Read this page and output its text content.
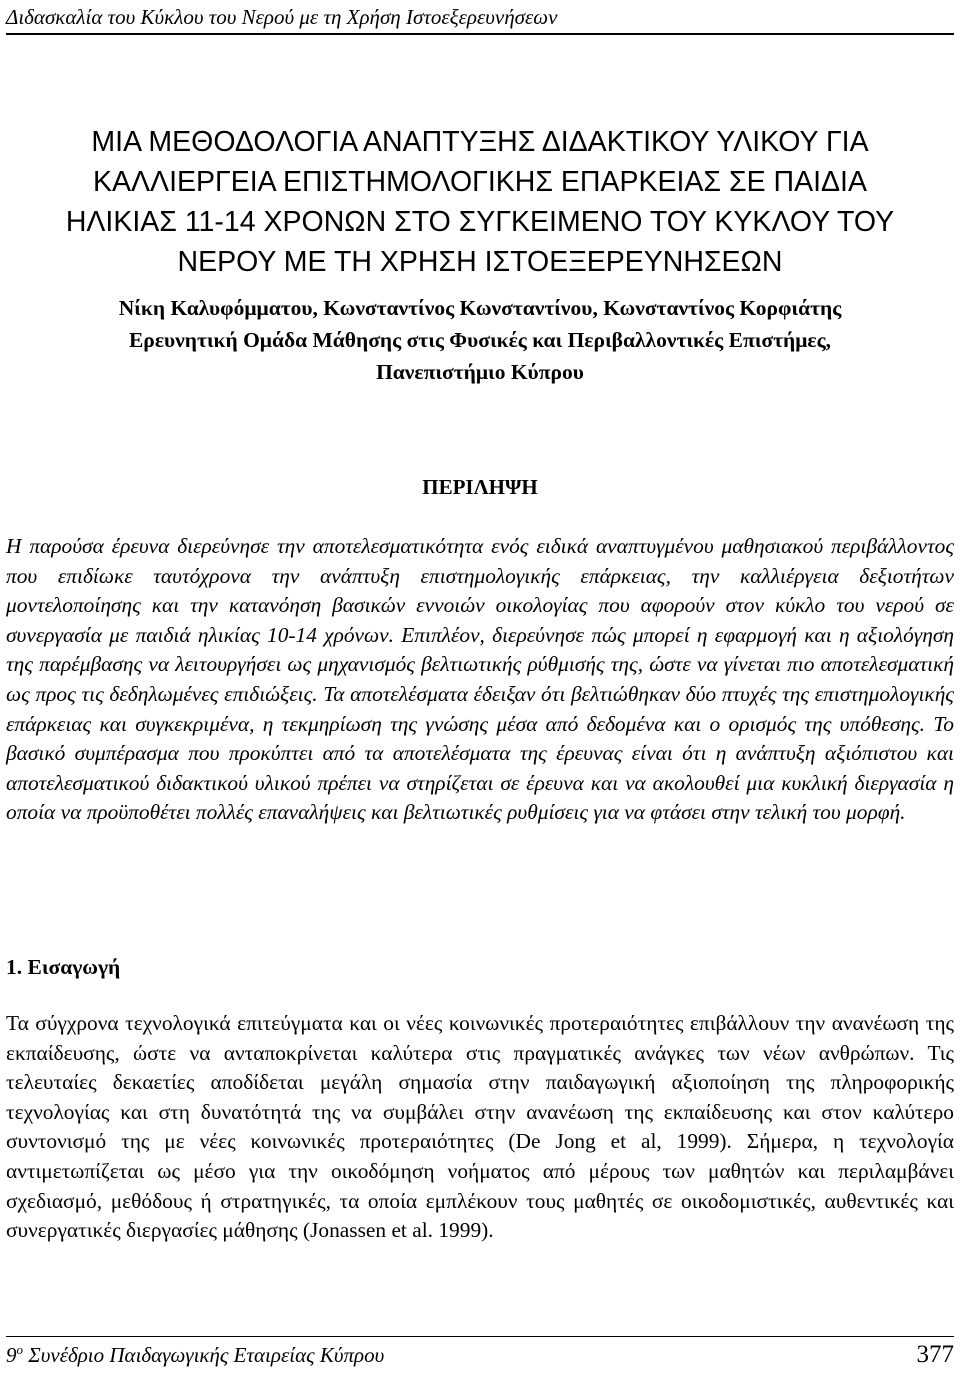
Διδασκαλία του Κύκλου του Νερού με τη Χρήση Ιστοεξερευνήσεων
ΜΙΑ ΜΕΘΟΔΟΛΟΓΙΑ ΑΝΑΠΤΥΞΗΣ ΔΙΔΑΚΤΙΚΟΥ ΥΛΙΚΟΥ ΓΙΑ
ΚΑΛΛΙΕΡΓΕΙΑ ΕΠΙΣΤΗΜΟΛΟΓΙΚΗΣ ΕΠΑΡΚΕΙΑΣ ΣΕ ΠΑΙΔΙΑ
ΗΛΙΚΙΑΣ 11-14 ΧΡΟΝΩΝ ΣΤΟ ΣΥΓΚΕΙΜΕΝΟ ΤΟΥ ΚΥΚΛΟΥ ΤΟΥ
ΝΕΡΟΥ ΜΕ ΤΗ ΧΡΗΣΗ ΙΣΤΟΕΞΕΡΕΥΝΗΣΕΩΝ
Νίκη Καλυφόμματου, Κωνσταντίνος Κωνσταντίνου, Κωνσταντίνος Κορφιάτης
Ερευνητική Ομάδα Μάθησης στις Φυσικές και Περιβαλλοντικές Επιστήμες,
Πανεπιστήμιο Κύπρου
ΠΕΡΙΛΗΨΗ

Η παρούσα έρευνα διερεύνησε την αποτελεσματικότητα ενός ειδικά αναπτυγμένου μαθησιακού περιβάλλοντος που επιδίωκε ταυτόχρονα την ανάπτυξη επιστημολογικής επάρκειας, την καλλιέργεια δεξιοτήτων μοντελοποίησης και την κατανόηση βασικών εννοιών οικολογίας που αφορούν στον κύκλο του νερού σε συνεργασία με παιδιά ηλικίας 10-14 χρόνων. Επιπλέον, διερεύνησε πώς μπορεί η εφαρμογή και η αξιολόγηση της παρέμβασης να λειτουργήσει ως μηχανισμός βελτιωτικής ρύθμισής της, ώστε να γίνεται πιο αποτελεσματική ως προς τις δεδηλωμένες επιδιώξεις. Τα αποτελέσματα έδειξαν ότι βελτιώθηκαν δύο πτυχές της επιστημολογικής επάρκειας και συγκεκριμένα, η τεκμηρίωση της γνώσης μέσα από δεδομένα και ο ορισμός της υπόθεσης. Το βασικό συμπέρασμα που προκύπτει από τα αποτελέσματα της έρευνας είναι ότι η ανάπτυξη αξιόπιστου και αποτελεσματικού διδακτικού υλικού πρέπει να στηρίζεται σε έρευνα και να ακολουθεί μια κυκλική διεργασία η οποία να προϋποθέτει πολλές επαναλήψεις και βελτιωτικές ρυθμίσεις για να φτάσει στην τελική του μορφή.

1. Εισαγωγή

Τα σύγχρονα τεχνολογικά επιτεύγματα και οι νέες κοινωνικές προτεραιότητες επιβάλλουν την ανανέωση της εκπαίδευσης, ώστε να ανταποκρίνεται καλύτερα στις πραγματικές ανάγκες των νέων ανθρώπων. Τις τελευταίες δεκαετίες αποδίδεται μεγάλη σημασία στην παιδαγωγική αξιοποίηση της πληροφορικής τεχνολογίας και στη δυνατότητά της να συμβάλει στην ανανέωση της εκπαίδευσης και στον καλύτερο συντονισμό της με νέες κοινωνικές προτεραιότητες (De Jong et al, 1999). Σήμερα, η τεχνολογία αντιμετωπίζεται ως μέσο για την οικοδόμηση νοήματος από μέρους των μαθητών και περιλαμβάνει σχεδιασμό, μεθόδους ή στρατηγικές, τα οποία εμπλέκουν τους μαθητές σε οικοδομιστικές, αυθεντικές και συνεργατικές διεργασίες μάθησης (Jonassen et al. 1999).

$9^o$ Συνέδριο Παιδαγωγικής Εταιρείας Κύπρου	377
